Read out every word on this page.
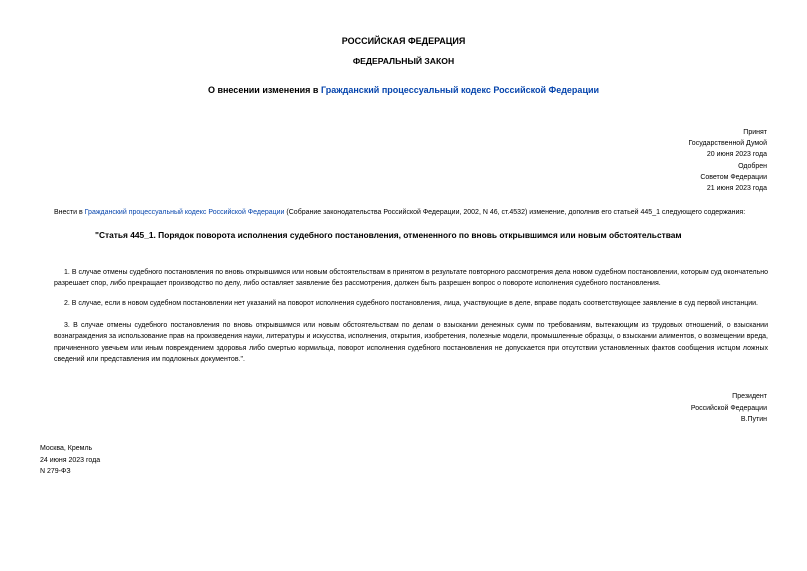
РОССИЙСКАЯ ФЕДЕРАЦИЯ
ФЕДЕРАЛЬНЫЙ ЗАКОН
О внесении изменения в Гражданский процессуальный кодекс Российской Федерации
Принят
Государственной Думой
20 июня 2023 года
Одобрен
Советом Федерации
21 июня 2023 года
Внести в Гражданский процессуальный кодекс Российской Федерации (Собрание законодательства Российской Федерации, 2002, N 46, ст.4532) изменение, дополнив его статьей 445_1 следующего содержания:
"Статья 445_1. Порядок поворота исполнения судебного постановления, отмененного по вновь открывшимся или новым обстоятельствам
1. В случае отмены судебного постановления по вновь открывшимся или новым обстоятельствам в принятом в результате повторного рассмотрения дела новом судебном постановлении, которым суд окончательно разрешает спор, либо прекращает производство по делу, либо оставляет заявление без рассмотрения, должен быть разрешен вопрос о повороте исполнения судебного постановления.
2. В случае, если в новом судебном постановлении нет указаний на поворот исполнения судебного постановления, лица, участвующие в деле, вправе подать соответствующее заявление в суд первой инстанции.
3. В случае отмены судебного постановления по вновь открывшимся или новым обстоятельствам по делам о взыскании денежных сумм по требованиям, вытекающим из трудовых отношений, о взыскании вознаграждения за использование прав на произведения науки, литературы и искусства, исполнения, открытия, изобретения, полезные модели, промышленные образцы, о взыскании алиментов, о возмещении вреда, причиненного увечьем или иным повреждением здоровья либо смертью кормильца, поворот исполнения судебного постановления не допускается при отсутствии установленных фактов сообщения истцом ложных сведений или представления им подложных документов.".
Президент
Российской Федерации
В.Путин
Москва, Кремль
24 июня 2023 года
N 279-ФЗ
